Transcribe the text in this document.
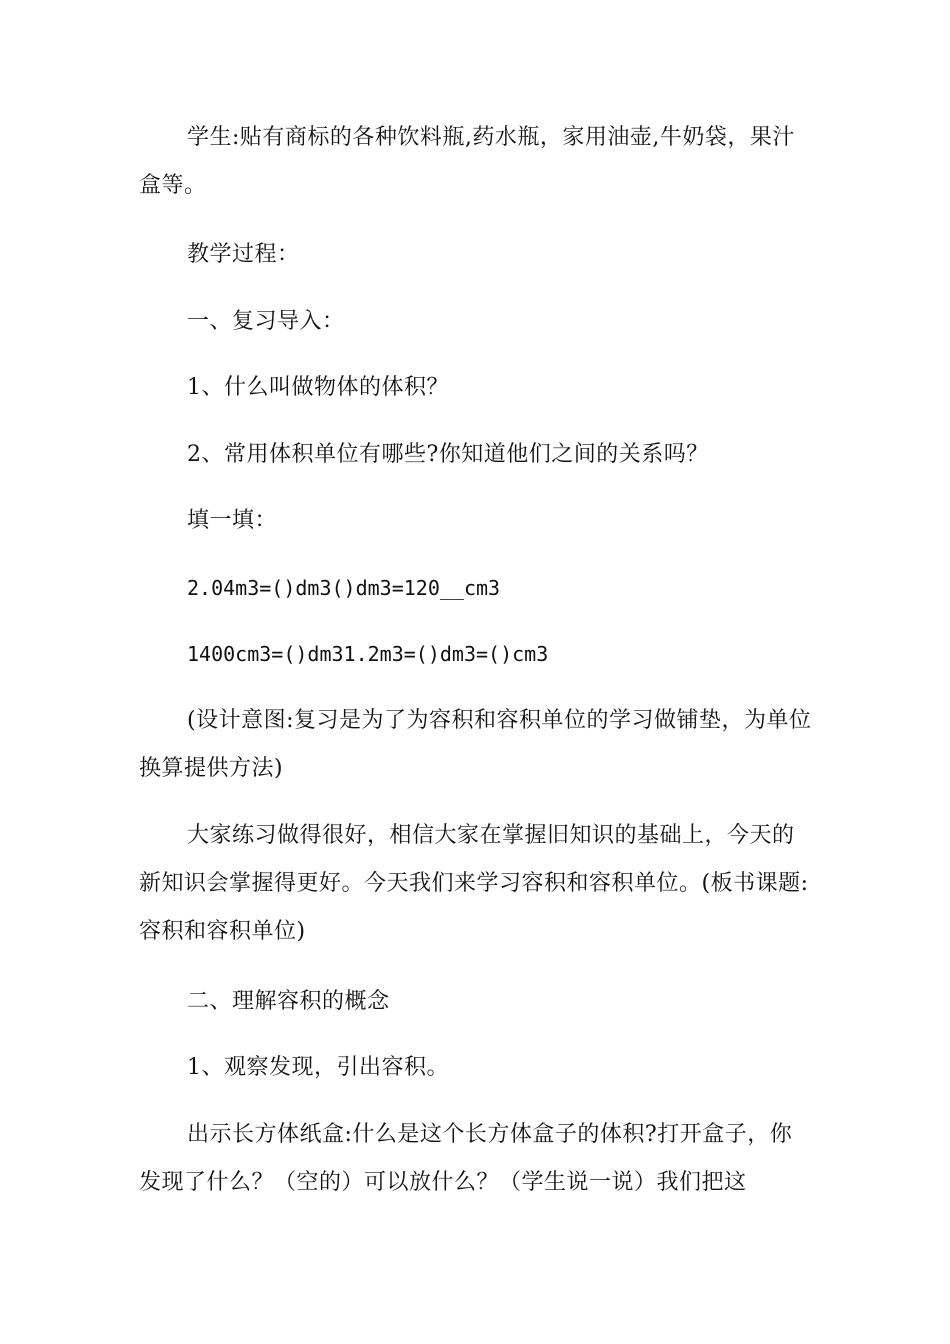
学生:贴有商标的各种饮料瓶,药水瓶，家用油壶,牛奶袋，果汁盒等。

教学过程：

一、复习导入：

1、什么叫做物体的体积？

2、常用体积单位有哪些?你知道他们之间的关系吗？

填一填：

2.04m3=()dm3()dm3=120__cm3

1400cm3=()dm31.2m3=()dm3=()cm3

(设计意图:复习是为了为容积和容积单位的学习做铺垫，为单位换算提供方法)

大家练习做得很好，相信大家在掌握旧知识的基础上，今天的新知识会掌握得更好。今天我们来学习容积和容积单位。(板书课题:容积和容积单位)

二、理解容积的概念

1、观察发现，引出容积。

出示长方体纸盒:什么是这个长方体盒子的体积?打开盒子，你发现了什么？（空的）可以放什么？（学生说一说）我们把这
